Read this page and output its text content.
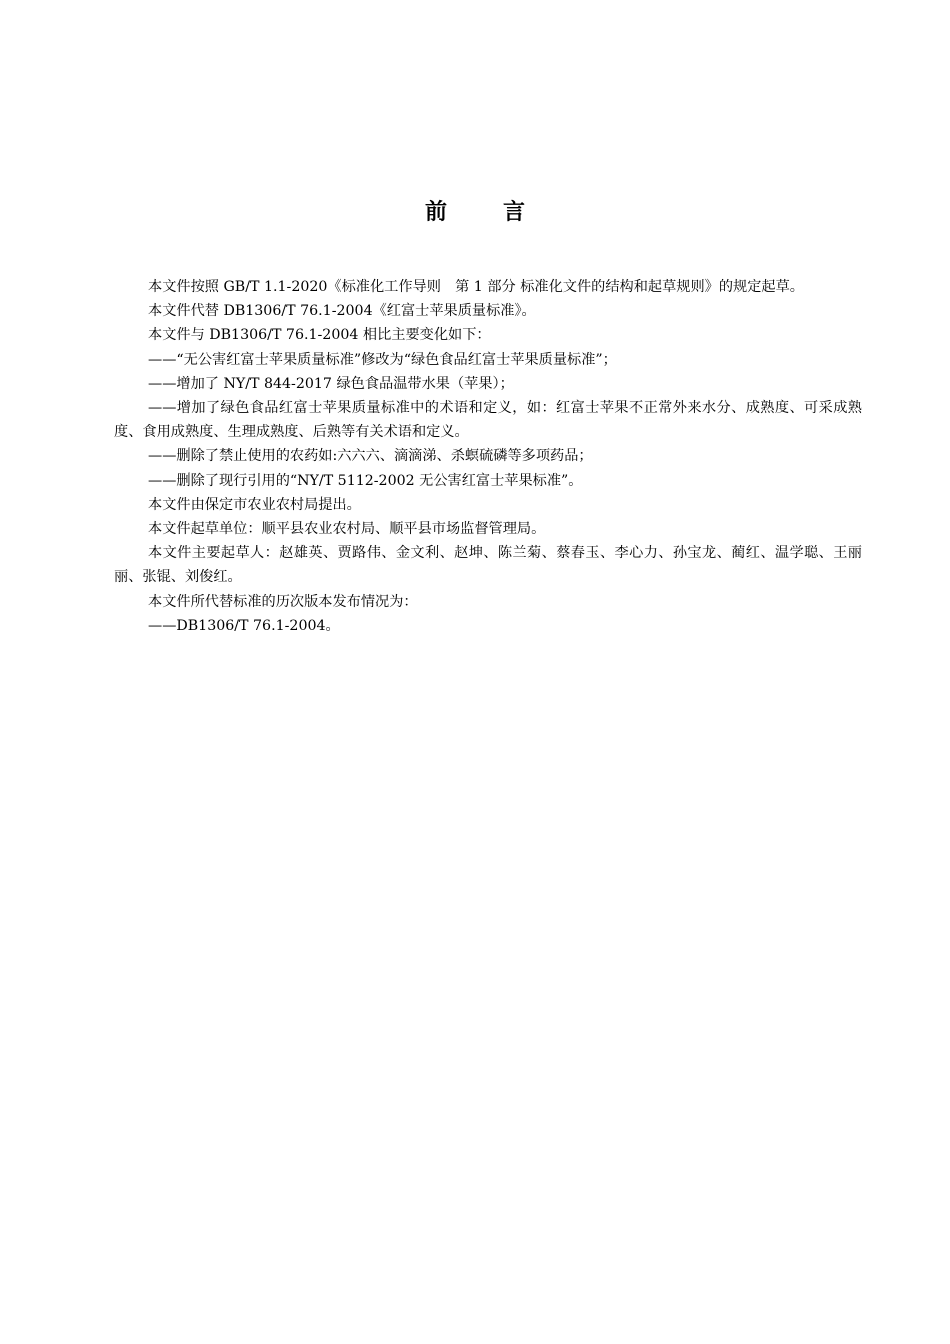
前	言

本文件按照 GB/T 1.1-2020《标准化工作导则　第 1 部分 标准化文件的结构和起草规则》的规定起草。

本文件代替 DB1306/T 76.1-2004《红富士苹果质量标准》。

本文件与 DB1306/T 76.1-2004 相比主要变化如下：

——“无公害红富士苹果质量标准”修改为“绿色食品红富士苹果质量标准”；

——增加了 NY/T 844-2017 绿色食品温带水果（苹果）；

——增加了绿色食品红富士苹果质量标准中的术语和定义，如：红富士苹果不正常外来水分、成熟度、可采成熟度、食用成熟度、生理成熟度、后熟等有关术语和定义。

——删除了禁止使用的农药如:六六六、滴滴涕、杀螟硫磷等多项药品；

——删除了现行引用的“NY/T 5112-2002 无公害红富士苹果标准”。

本文件由保定市农业农村局提出。

本文件起草单位：顺平县农业农村局、顺平县市场监督管理局。

本文件主要起草人：赵雄英、贾路伟、金文利、赵坤、陈兰菊、蔡春玉、李心力、孙宝龙、蔺红、温学聪、王丽丽、张锟、刘俊红。

本文件所代替标准的历次版本发布情况为：

——DB1306/T 76.1-2004。
